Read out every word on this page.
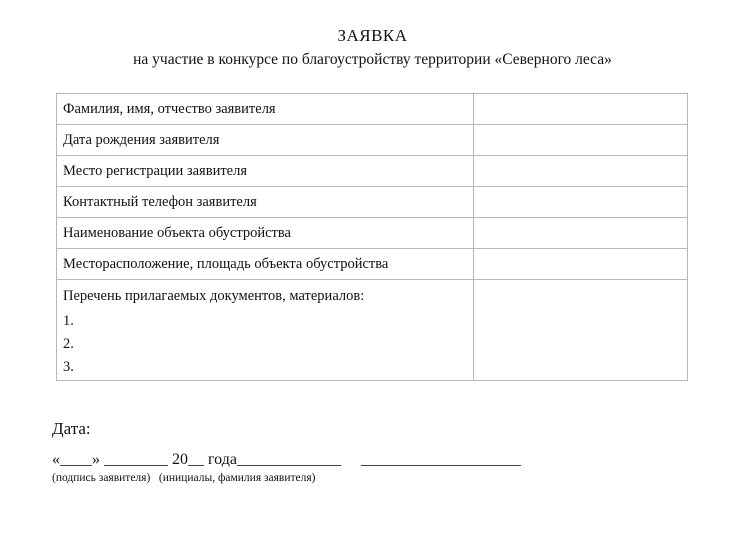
ЗАЯВКА
на участие в конкурсе по благоустройству территории «Северного леса»
Фамилия, имя, отчество заявителя	
Дата рождения заявителя	
Место регистрации заявителя	
Контактный телефон заявителя	
Наименование объекта обустройства	
Месторасположение, площадь объекта обустройства	

Перечень прилагаемых документов, материалов:
1.
2.
3.	

Дата:
«____» ________ 20__ года_____________     ____________________
(подпись заявителя)   (инициалы, фамилия заявителя)
